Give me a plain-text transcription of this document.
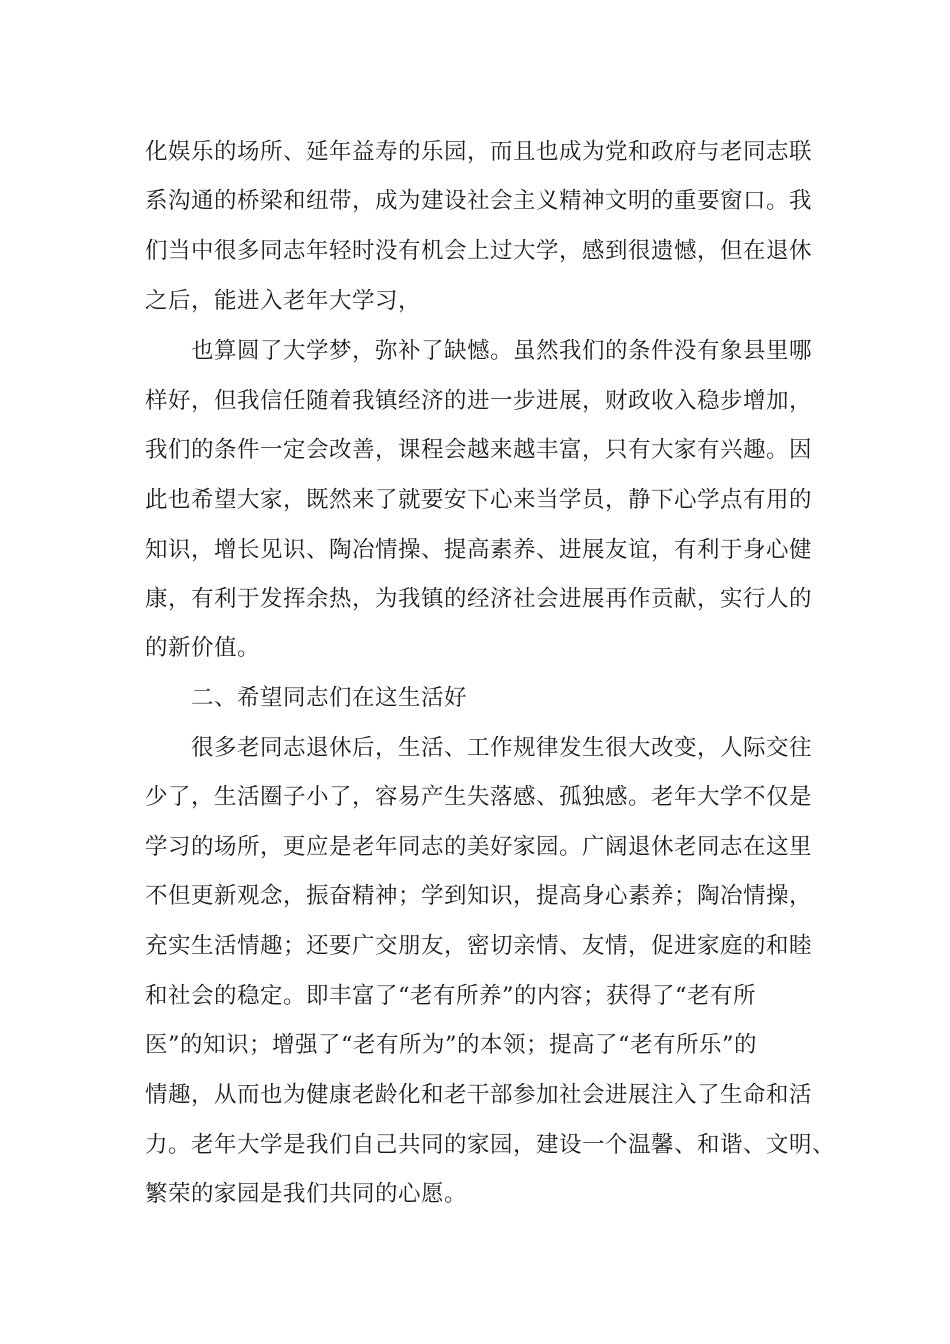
化娱乐的场所、延年益寿的乐园，而且也成为党和政府与老同志联
系沟通的桥梁和纽带，成为建设社会主义精神文明的重要窗口。我
们当中很多同志年轻时没有机会上过大学，感到很遗憾，但在退休
之后，能进入老年大学习，
也算圆了大学梦，弥补了缺憾。虽然我们的条件没有象县里哪
样好，但我信任随着我镇经济的进一步进展，财政收入稳步增加，
我们的条件一定会改善，课程会越来越丰富，只有大家有兴趣。因
此也希望大家，既然来了就要安下心来当学员，静下心学点有用的
知识，增长见识、陶冶情操、提高素养、进展友谊，有利于身心健
康，有利于发挥余热，为我镇的经济社会进展再作贡献，实行人的
的新价值。
二、希望同志们在这生活好
很多老同志退休后，生活、工作规律发生很大改变，人际交往
少了，生活圈子小了，容易产生失落感、孤独感。老年大学不仅是
学习的场所，更应是老年同志的美好家园。广阔退休老同志在这里
不但更新观念，振奋精神；学到知识，提高身心素养；陶冶情操，
充实生活情趣；还要广交朋友，密切亲情、友情，促进家庭的和睦
和社会的稳定。即丰富了“老有所养”的内容；获得了“老有所
医”的知识；增强了“老有所为”的本领；提高了“老有所乐”的
情趣，从而也为健康老龄化和老干部参加社会进展注入了生命和活
力。老年大学是我们自己共同的家园，建设一个温馨、和谐、文明、
繁荣的家园是我们共同的心愿。
